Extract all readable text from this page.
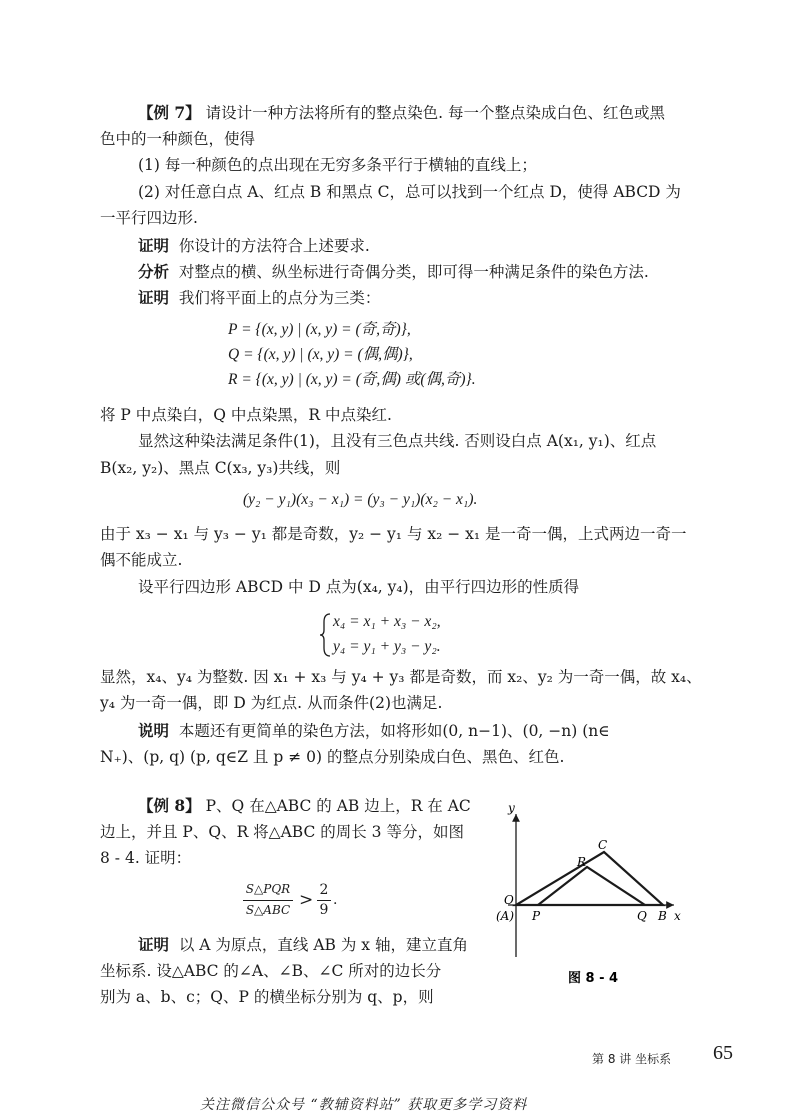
【例 7】 请设计一种方法将所有的整点染色. 每一个整点染成白色、红色或黑
色中的一种颜色，使得
(1) 每一种颜色的点出现在无穷多条平行于横轴的直线上；
(2) 对任意白点 A、红点 B 和黑点 C，总可以找到一个红点 D，使得 ABCD 为
一平行四边形.
证明 你设计的方法符合上述要求.
分析 对整点的横、纵坐标进行奇偶分类，即可得一种满足条件的染色方法.
证明 我们将平面上的点分为三类：
P = {(x, y) | (x, y) = (奇,奇)},
Q = {(x, y) | (x, y) = (偶,偶)},
R = {(x, y) | (x, y) = (奇,偶) 或(偶,奇)}.
将 P 中点染白，Q 中点染黑，R 中点染红.
显然这种染法满足条件(1)，且没有三色点共线. 否则设白点 A(x₁, y₁)、红点
B(x₂, y₂)、黑点 C(x₃, y₃)共线，则
(y₂ − y₁)(x₃ − x₁) = (y₃ − y₁)(x₂ − x₁).
由于 x₃ − x₁ 与 y₃ − y₁ 都是奇数，y₂ − y₁ 与 x₂ − x₁ 是一奇一偶，上式两边一奇一
偶不能成立.
设平行四边形 ABCD 中 D 点为(x₄, y₄)，由平行四边形的性质得
x₄ = x₁ + x₃ − x₂,
y₄ = y₁ + y₃ − y₂.
显然，x₄、y₄ 为整数. 因 x₁ + x₃ 与 y₄ + y₃ 都是奇数，而 x₂、y₂ 为一奇一偶，故 x₄、
y₄ 为一奇一偶，即 D 为红点. 从而条件(2)也满足.
说明 本题还有更简单的染色方法，如将形如(0, n−1)、(0, −n) (n∈
N₊)、(p, q) (p, q∈Z 且 p ≠ 0) 的整点分别染成白色、黑色、红色.
【例 8】 P、Q 在△ABC 的 AB 边上，R 在 AC
边上，并且 P、Q、R 将△ABC 的周长 3 等分，如图
8 - 4. 证明：
S△PQR
S△ABC > 2
9
.
证明 以 A 为原点，直线 AB 为 x 轴，建立直角
坐标系. 设△ABC 的∠A、∠B、∠C 所对的边长分
别为 a、b、c；Q、P 的横坐标分别为 q、p，则
y
x
O
(A) P	Q B
R
C
图 8 - 4
第 8 讲 坐标系 65
关注微信公众号 “教辅资料站” 获取更多学习资料
